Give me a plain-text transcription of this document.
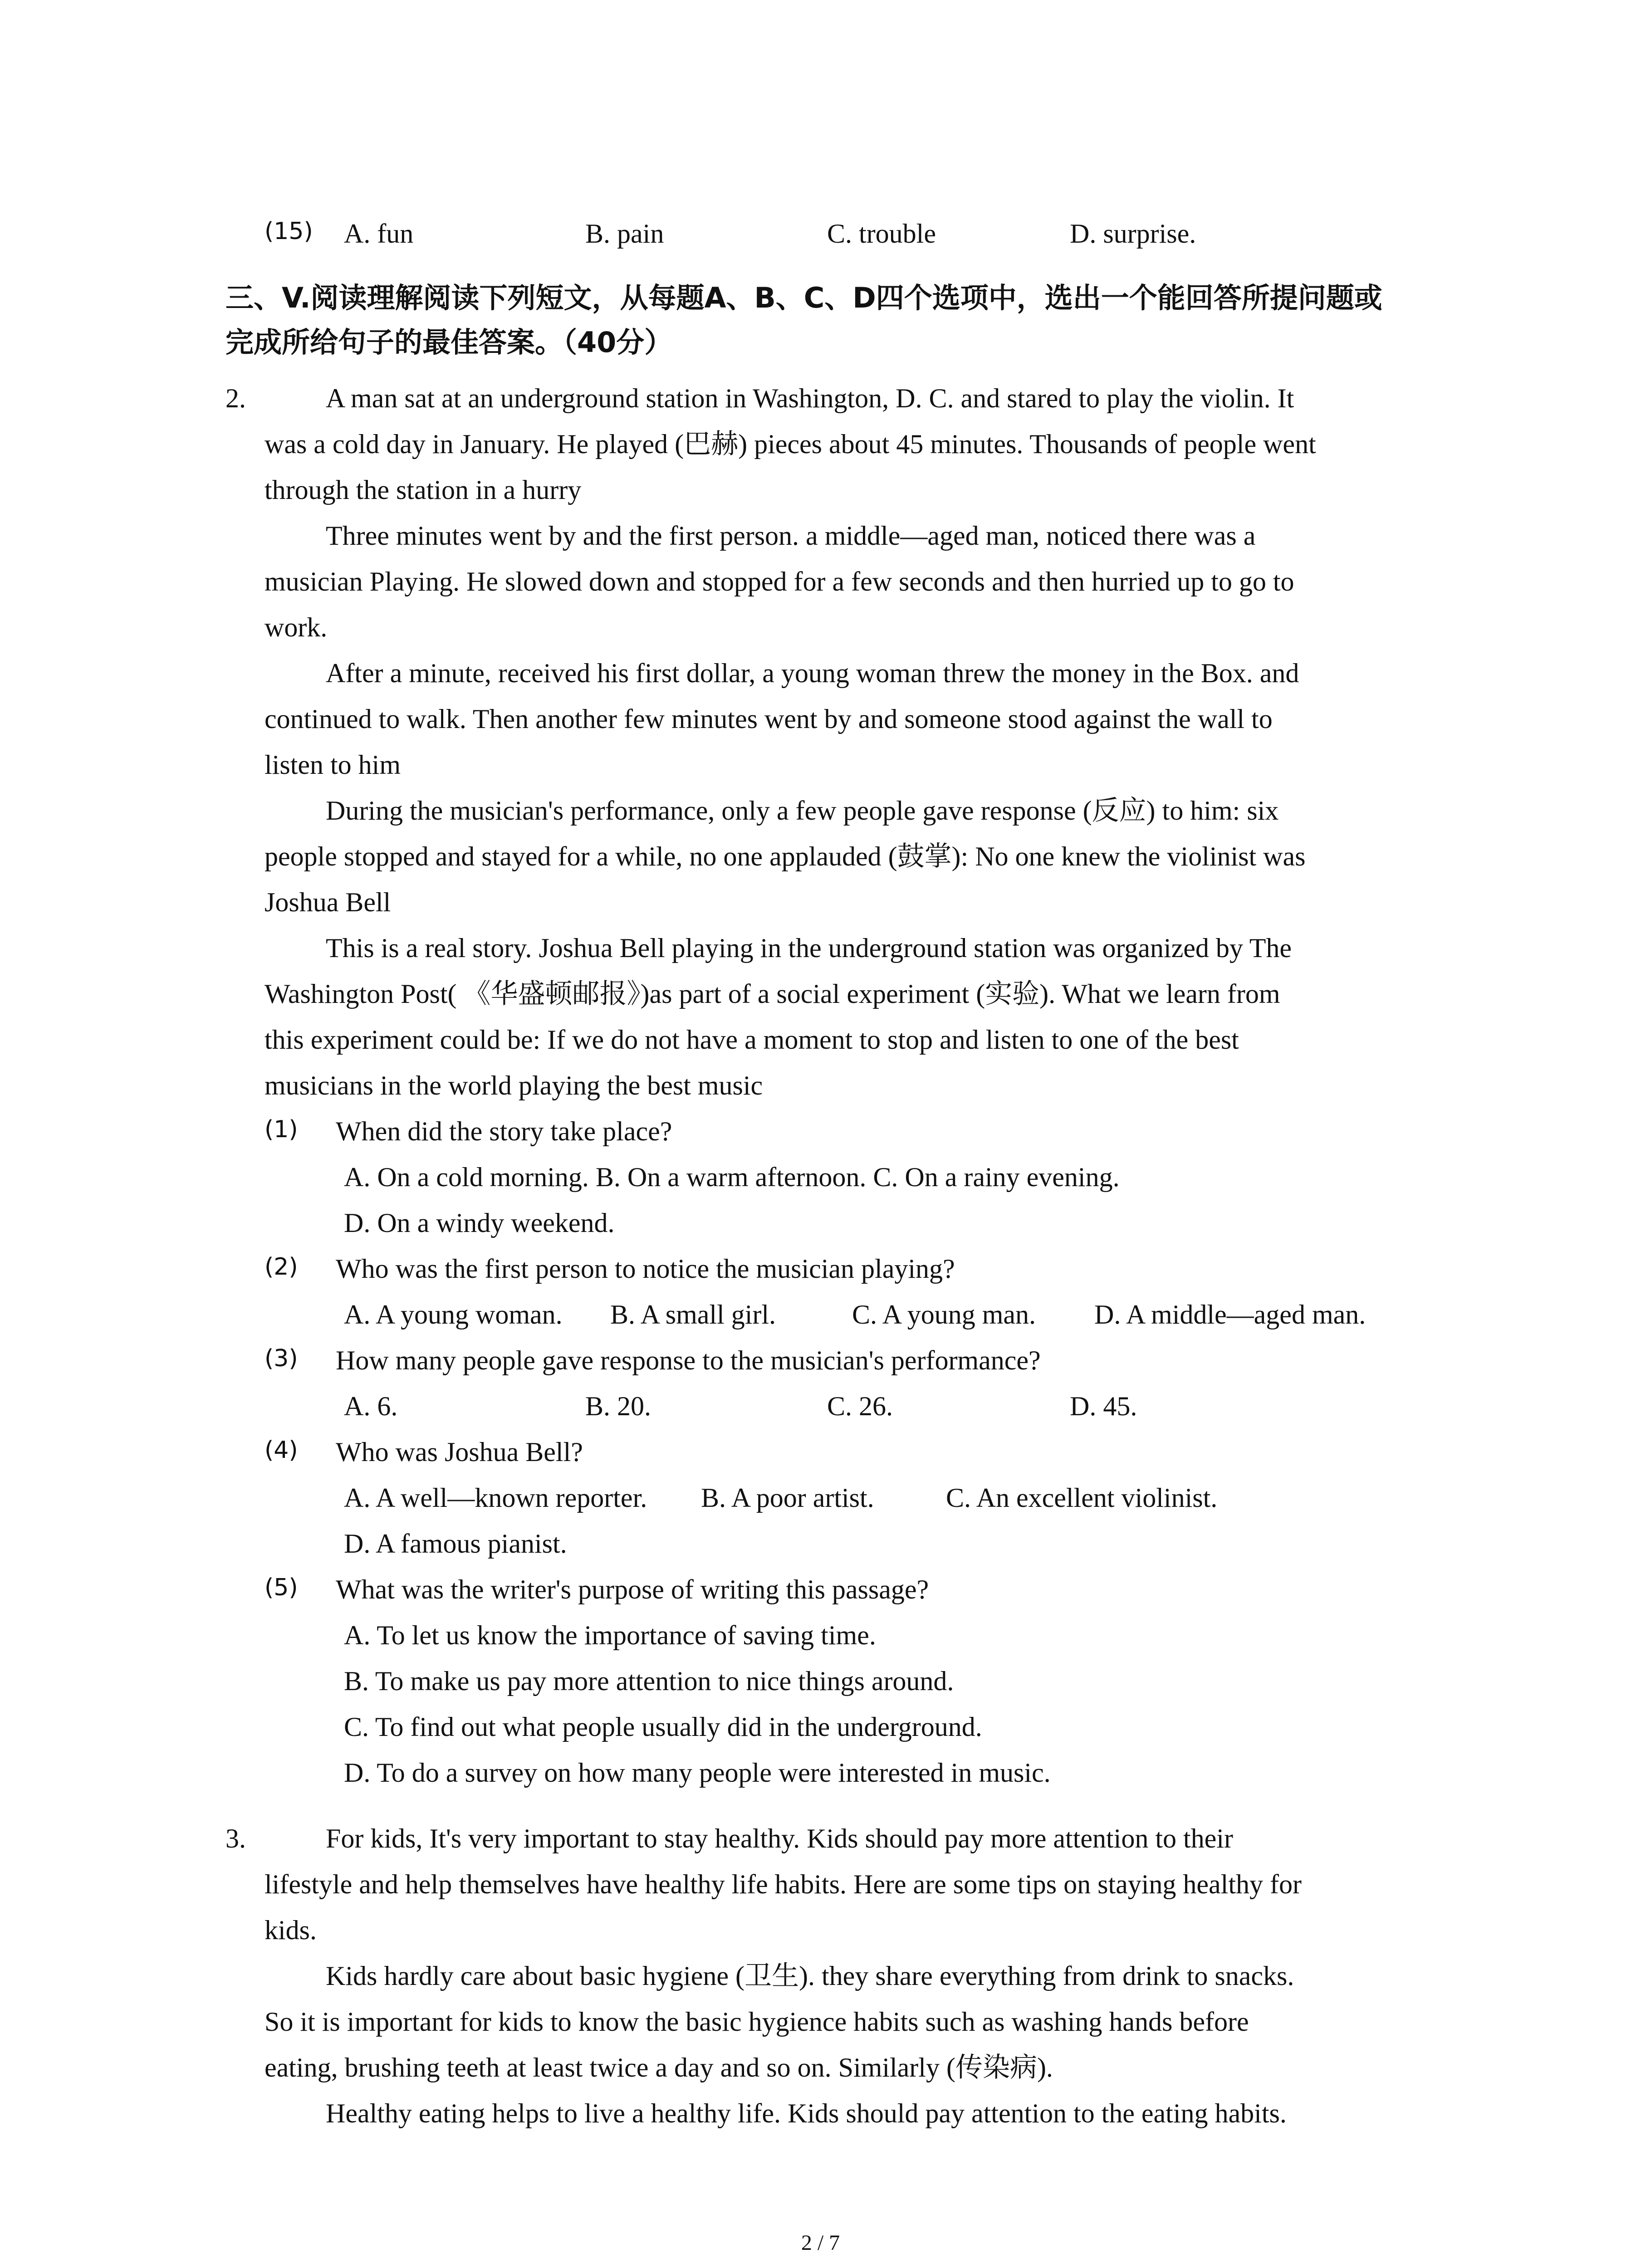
(15) A. fun	B. pain	C. trouble	D. surprise.
三、V.阅读理解阅读下列短文，从每题A、B、C、D四个选项中，选出一个能回答所提问题或
完成所给句子的最佳答案。（40分）
2.	A man sat at an underground station in Washington, D. C. and stared to play the violin. It
was a cold day in January. He played (巴赫) pieces about 45 minutes. Thousands of people went
through the station in a hurry
Three minutes went by and the first person. a middle—aged man, noticed there was a
musician Playing. He slowed down and stopped for a few seconds and then hurried up to go to
work.
After a minute, received his first dollar, a young woman threw the money in the Box. and
continued to walk. Then another few minutes went by and someone stood against the wall to
listen to him
During the musician's performance, only a few people gave response (反应) to him: six
people stopped and stayed for a while, no one applauded (鼓掌): No one knew the violinist was
Joshua Bell
This is a real story. Joshua Bell playing in the underground station was organized by The
Washington Post( 《华盛顿邮报》)as part of a social experiment (实验). What we learn from
this experiment could be: If we do not have a moment to stop and listen to one of the best
musicians in the world playing the best music
(1) When did the story take place?
A. On a cold morning. B. On a warm afternoon. C. On a rainy evening.
D. On a windy weekend.
(2) Who was the first person to notice the musician playing?
A. A young woman. B. A small girl.	C. A young man. D. A middle—aged man.
(3) How many people gave response to the musician's performance?
A. 6.	B. 20.	C. 26.	D. 45.
(4) Who was Joshua Bell?
A. A well—known reporter. B. A poor artist.	C. An excellent violinist.
D. A famous pianist.
(5) What was the writer's purpose of writing this passage?
A. To let us know the importance of saving time.
B. To make us pay more attention to nice things around.
C. To find out what people usually did in the underground.
D. To do a survey on how many people were interested in music.
3.	For kids, It's very important to stay healthy. Kids should pay more attention to their
lifestyle and help themselves have healthy life habits. Here are some tips on staying healthy for
kids.
Kids hardly care about basic hygiene (卫生). they share everything from drink to snacks.
So it is important for kids to know the basic hygience habits such as washing hands before
eating, brushing teeth at least twice a day and so on. Similarly (传染病).
Healthy eating helps to live a healthy life. Kids should pay attention to the eating habits.
2 / 7
